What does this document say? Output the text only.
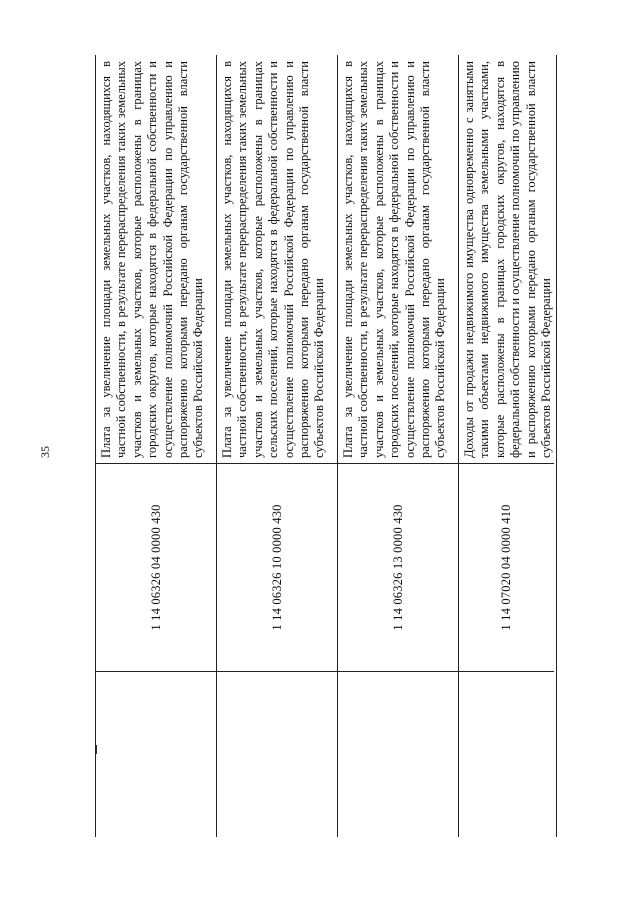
35
1 14 06326 04 0000 430
Плата за увеличение площади земельных участков, находящихся в частной собственности, в результате перераспределения таких земельных участков и земельных участков, которые расположены в границах городских округов, которые находятся в федеральной собственности и осуществление полномочий Российской Федерации по управлению и распоряжению которыми передано органам государственной власти субъектов Российской Федерации
1 14 06326 10 0000 430
Плата за увеличение площади земельных участков, находящихся в частной собственности, в результате перераспределения таких земельных участков и земельных участков, которые расположены в границах сельских поселений, которые находятся в федеральной собственности и осуществление полномочий Российской Федерации по управлению и распоряжению которыми передано органам государственной власти субъектов Российской Федерации
1 14 06326 13 0000 430
Плата за увеличение площади земельных участков, находящихся в частной собственности, в результате перераспределения таких земельных участков и земельных участков, которые расположены в границах городских поселений, которые находятся в федеральной собственности и осуществление полномочий Российской Федерации по управлению и распоряжению которыми передано органам государственной власти субъектов Российской Федерации
1 14 07020 04 0000 410
Доходы от продажи недвижимого имущества одновременно с занятыми такими объектами недвижимого имущества земельными участками, которые расположены в границах городских округов, находятся в федеральной собственности и осуществление полномочий по управлению и распоряжению которыми передано органам государственной власти субъектов Российской Федерации
